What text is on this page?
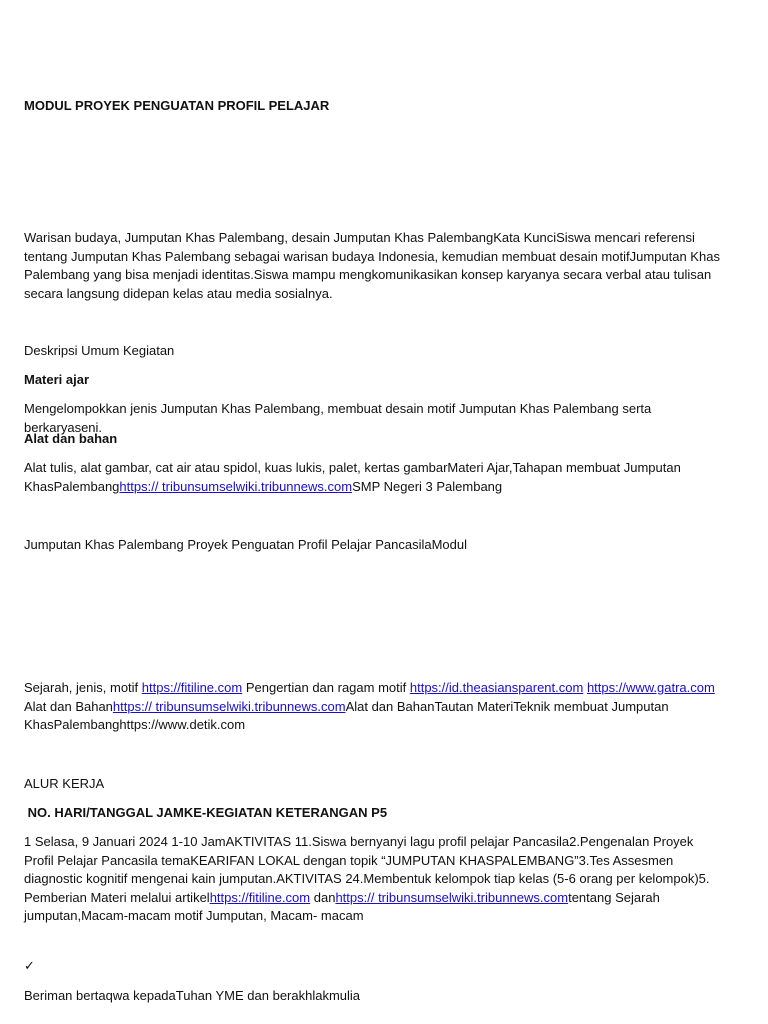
MODUL PROYEK PENGUATAN PROFIL PELAJAR

Warisan budaya, Jumputan Khas Palembang, desain Jumputan Khas PalembangKata KunciSiswa mencari referensi tentang Jumputan Khas Palembang sebagai warisan budaya Indonesia, kemudian membuat desain motifJumputan Khas Palembang yang bisa menjadi identitas.Siswa mampu mengkomunikasikan konsep karyanya secara verbal atau tulisan secara langsung didepan kelas atau media sosialnya.

Deskripsi Umum Kegiatan

Materi ajar

Mengelompokkan jenis Jumputan Khas Palembang, membuat desain motif Jumputan Khas Palembang serta berkaryaseni.

Alat dan bahan

Alat tulis, alat gambar, cat air atau spidol, kuas lukis, palet, kertas gambarMateri Ajar,Tahapan membuat Jumputan KhasPalembanghttps:// tribunsumselwiki.tribunnews.comSMP Negeri 3 Palembang

Jumputan Khas Palembang Proyek Penguatan Profil Pelajar PancasilaModul

Sejarah, jenis, motif https://fitiline.com Pengertian dan ragam motif https://id.theasiansparent.com https://www.gatra.com Alat dan Bahanhttps:// tribunsumselwiki.tribunnews.comAlat dan BahanTautan MateriTeknik membuat Jumputan KhasPalembanghttps://www.detik.com

ALUR KERJA

NO. HARI/TANGGAL JAMKE-KEGIATAN KETERANGAN P5

1 Selasa, 9 Januari 2024 1-10 JamAKTIVITAS 11.Siswa bernyanyi lagu profil pelajar Pancasila2.Pengenalan Proyek Profil Pelajar Pancasila temaKEARIFAN LOKAL dengan topik “JUMPUTAN KHASPALEMBANG”3.Tes Assesmen diagnostic kognitif mengenai kain jumputan.AKTIVITAS 24.Membentuk kelompok tiap kelas (5-6 orang per kelompok)5. Pemberian Materi melalui artikelhttps://fitiline.com danhttps:// tribunsumselwiki.tribunnews.comtentang Sejarah jumputan,Macam-macam motif Jumputan, Macam- macam

✓

Beriman bertaqwa kepadaTuhan YME dan berakhlakmulia
